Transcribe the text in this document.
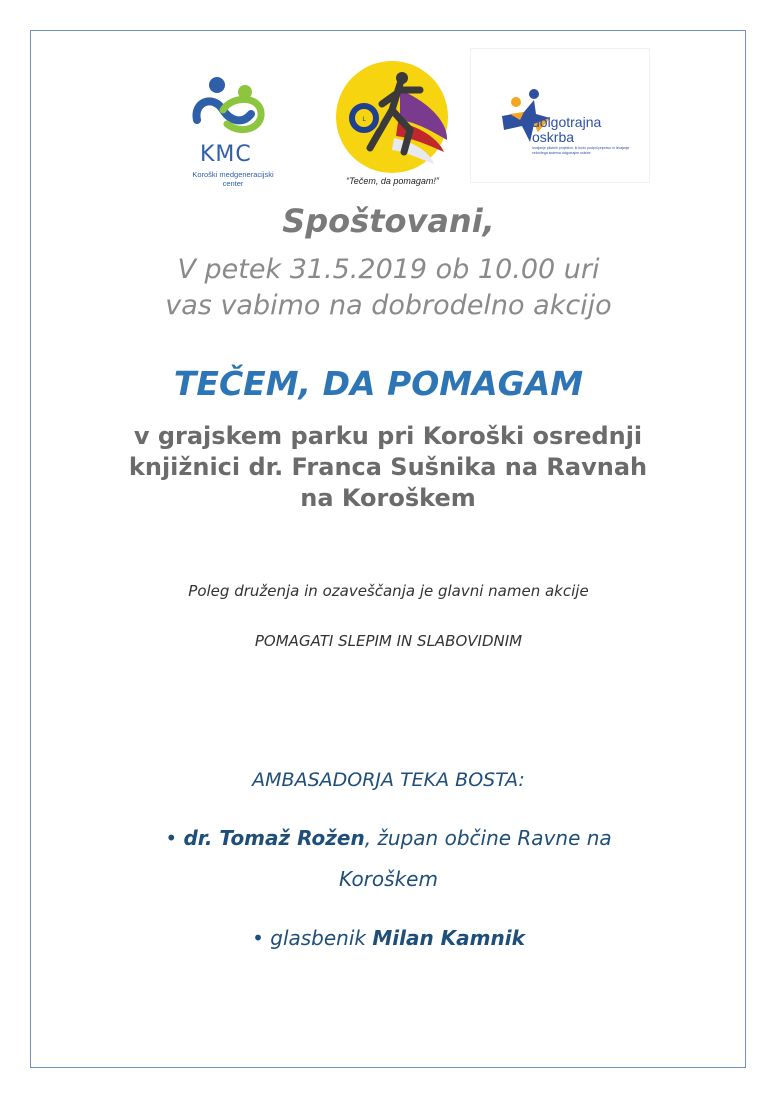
KMC
Koroški medgeneracijski
center
L
“Tečem, da pomagam!”
dolgotrajna
oskrba
Izvajanje pilotnih projektov, ki bodo podprli pripravo in izvajanje celovitega sistema dolgotrajne oskrbe

Spoštovani,

V petek 31.5.2019 ob 10.00 uri

vas vabimo na dobrodelno akcijo

TEČEM, DA POMAGAM

v grajskem parku pri Koroški osrednji
knjižnici dr. Franca Sušnika na Ravnah
na Koroškem

Poleg druženja in ozaveščanja je glavni namen akcije

POMAGATI SLEPIM IN SLABOVIDNIM

AMBASADORJA TEKA BOSTA:

• dr. Tomaž Rožen, župan občine Ravne na

Koroškem

• glasbenik Milan Kamnik
